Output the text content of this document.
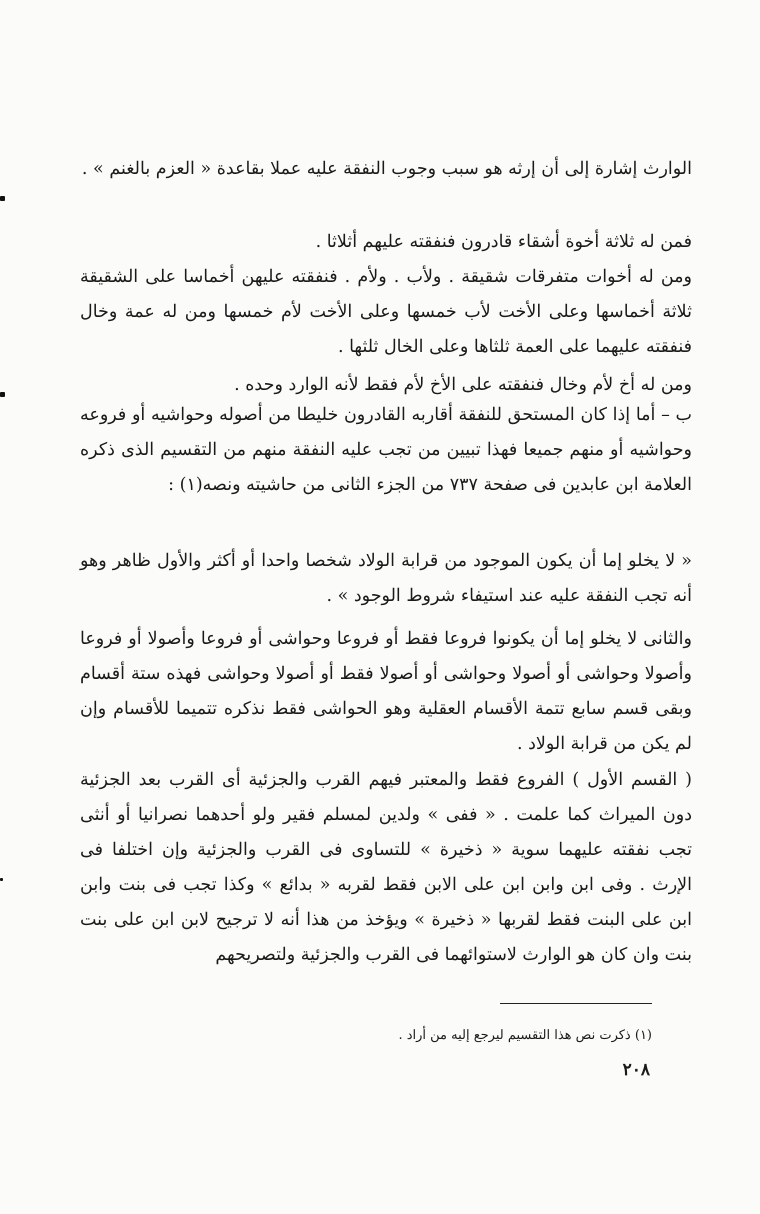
الوارث إشارة إلى أن إرثه هو سبب وجوب النفقة عليه عملا بقاعدة « العزم بالغنم » .

فمن له ثلاثة أخوة أشقاء قادرون فنفقته عليهم أثلاثا .

ومن له أخوات متفرقات شقيقة . ولأب . ولأم . فنفقته عليهن أخماسا على الشقيقة ثلاثة أخماسها وعلى الأخت لأب خمسها وعلى الأخت لأم خمسها ومن له عمة وخال فنفقته عليهما على العمة ثلثاها وعلى الخال ثلثها .

ومن له أخ لأم وخال فنفقته على الأخ لأم فقط لأنه الوارد وحده .

ب – أما إذا كان المستحق للنفقة أقاربه القادرون خليطا من أصوله وحواشيه أو فروعه وحواشيه أو منهم جميعا فهذا تبيين من تجب عليه النفقة منهم من التقسيم الذى ذكره العلامة ابن عابدين فى صفحة ٧٣٧ من الجزء الثانى من حاشيته ونصه(١) :

« لا يخلو إما أن يكون الموجود من قرابة الولاد شخصا واحدا أو أكثر والأول ظاهر وهو أنه تجب النفقة عليه عند استيفاء شروط الوجود » .

والثانى لا يخلو إما أن يكونوا فروعا فقط أو فروعا وحواشى أو فروعا وأصولا أو فروعا وأصولا وحواشى أو أصولا وحواشى أو أصولا فقط أو أصولا وحواشى فهذه ستة أقسام وبقى قسم سابع تتمة الأقسام العقلية وهو الحواشى فقط نذكره تتميما للأقسام وإن لم يكن من قرابة الولاد .

( القسم الأول ) الفروع فقط والمعتبر فيهم القرب والجزئية أى القرب بعد الجزئية دون الميراث كما علمت . « ففى » ولدين لمسلم فقير ولو أحدهما نصرانيا أو أنثى تجب نفقته عليهما سوية « ذخيرة » للتساوى فى القرب والجزئية وإن اختلفا فى الإرث . وفى ابن وابن ابن على الابن فقط لقربه « بدائع » وكذا تجب فى بنت وابن ابن على البنت فقط لقربها « ذخيرة » ويؤخذ من هذا أنه لا ترجيح لابن ابن على بنت بنت وان كان هو الوارث لاستوائهما فى القرب والجزئية ولتصريحهم

(١) ذكرت نص هذا التقسيم ليرجع إليه من أراد .

٢٠٨
